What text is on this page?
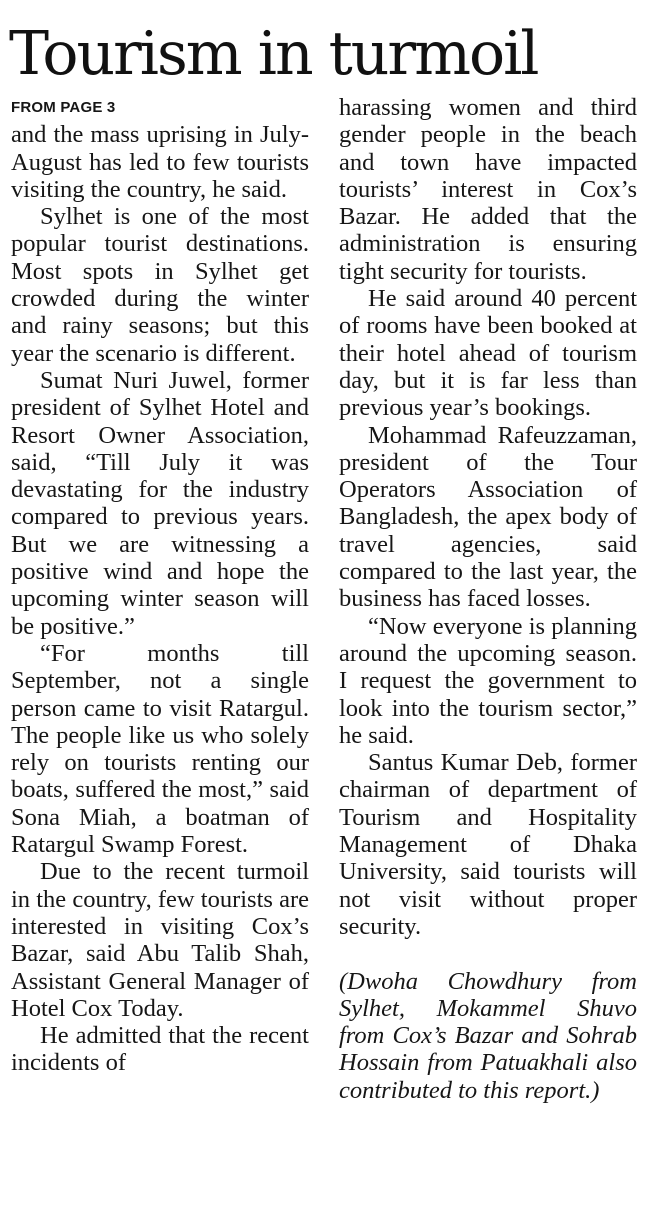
Tourism in turmoil
FROM PAGE 3

and the mass uprising in July-August has led to few tourists visiting the country, he said.

Sylhet is one of the most popular tourist destinations. Most spots in Sylhet get crowded during the winter and rainy seasons; but this year the scenario is different.

Sumat Nuri Juwel, former president of Sylhet Hotel and Resort Owner Association, said, “Till July it was devastating for the industry compared to previous years. But we are witnessing a positive wind and hope the upcoming winter season will be positive.”

“For months till September, not a single person came to visit Ratargul. The people like us who solely rely on tourists renting our boats, suffered the most,” said Sona Miah, a boatman of Ratargul Swamp Forest.

Due to the recent turmoil in the country, few tourists are interested in visiting Cox’s Bazar, said Abu Talib Shah, Assistant General Manager of Hotel Cox Today.

He admitted that the recent incidents of

harassing women and third gender people in the beach and town have impacted tourists’ interest in Cox’s Bazar. He added that the administration is ensuring tight security for tourists.

He said around 40 percent of rooms have been booked at their hotel ahead of tourism day, but it is far less than previous year’s bookings.

Mohammad Rafeuzzaman, president of the Tour Operators Association of Bangladesh, the apex body of travel agencies, said compared to the last year, the business has faced losses.

“Now everyone is planning around the upcoming season. I request the government to look into the tourism sector,” he said.

Santus Kumar Deb, former chairman of department of Tourism and Hospitality Management of Dhaka University, said tourists will not visit without proper security.

(Dwoha Chowdhury from Sylhet, Mokammel Shuvo from Cox’s Bazar and Sohrab Hossain from Patuakhali also contributed to this report.)
